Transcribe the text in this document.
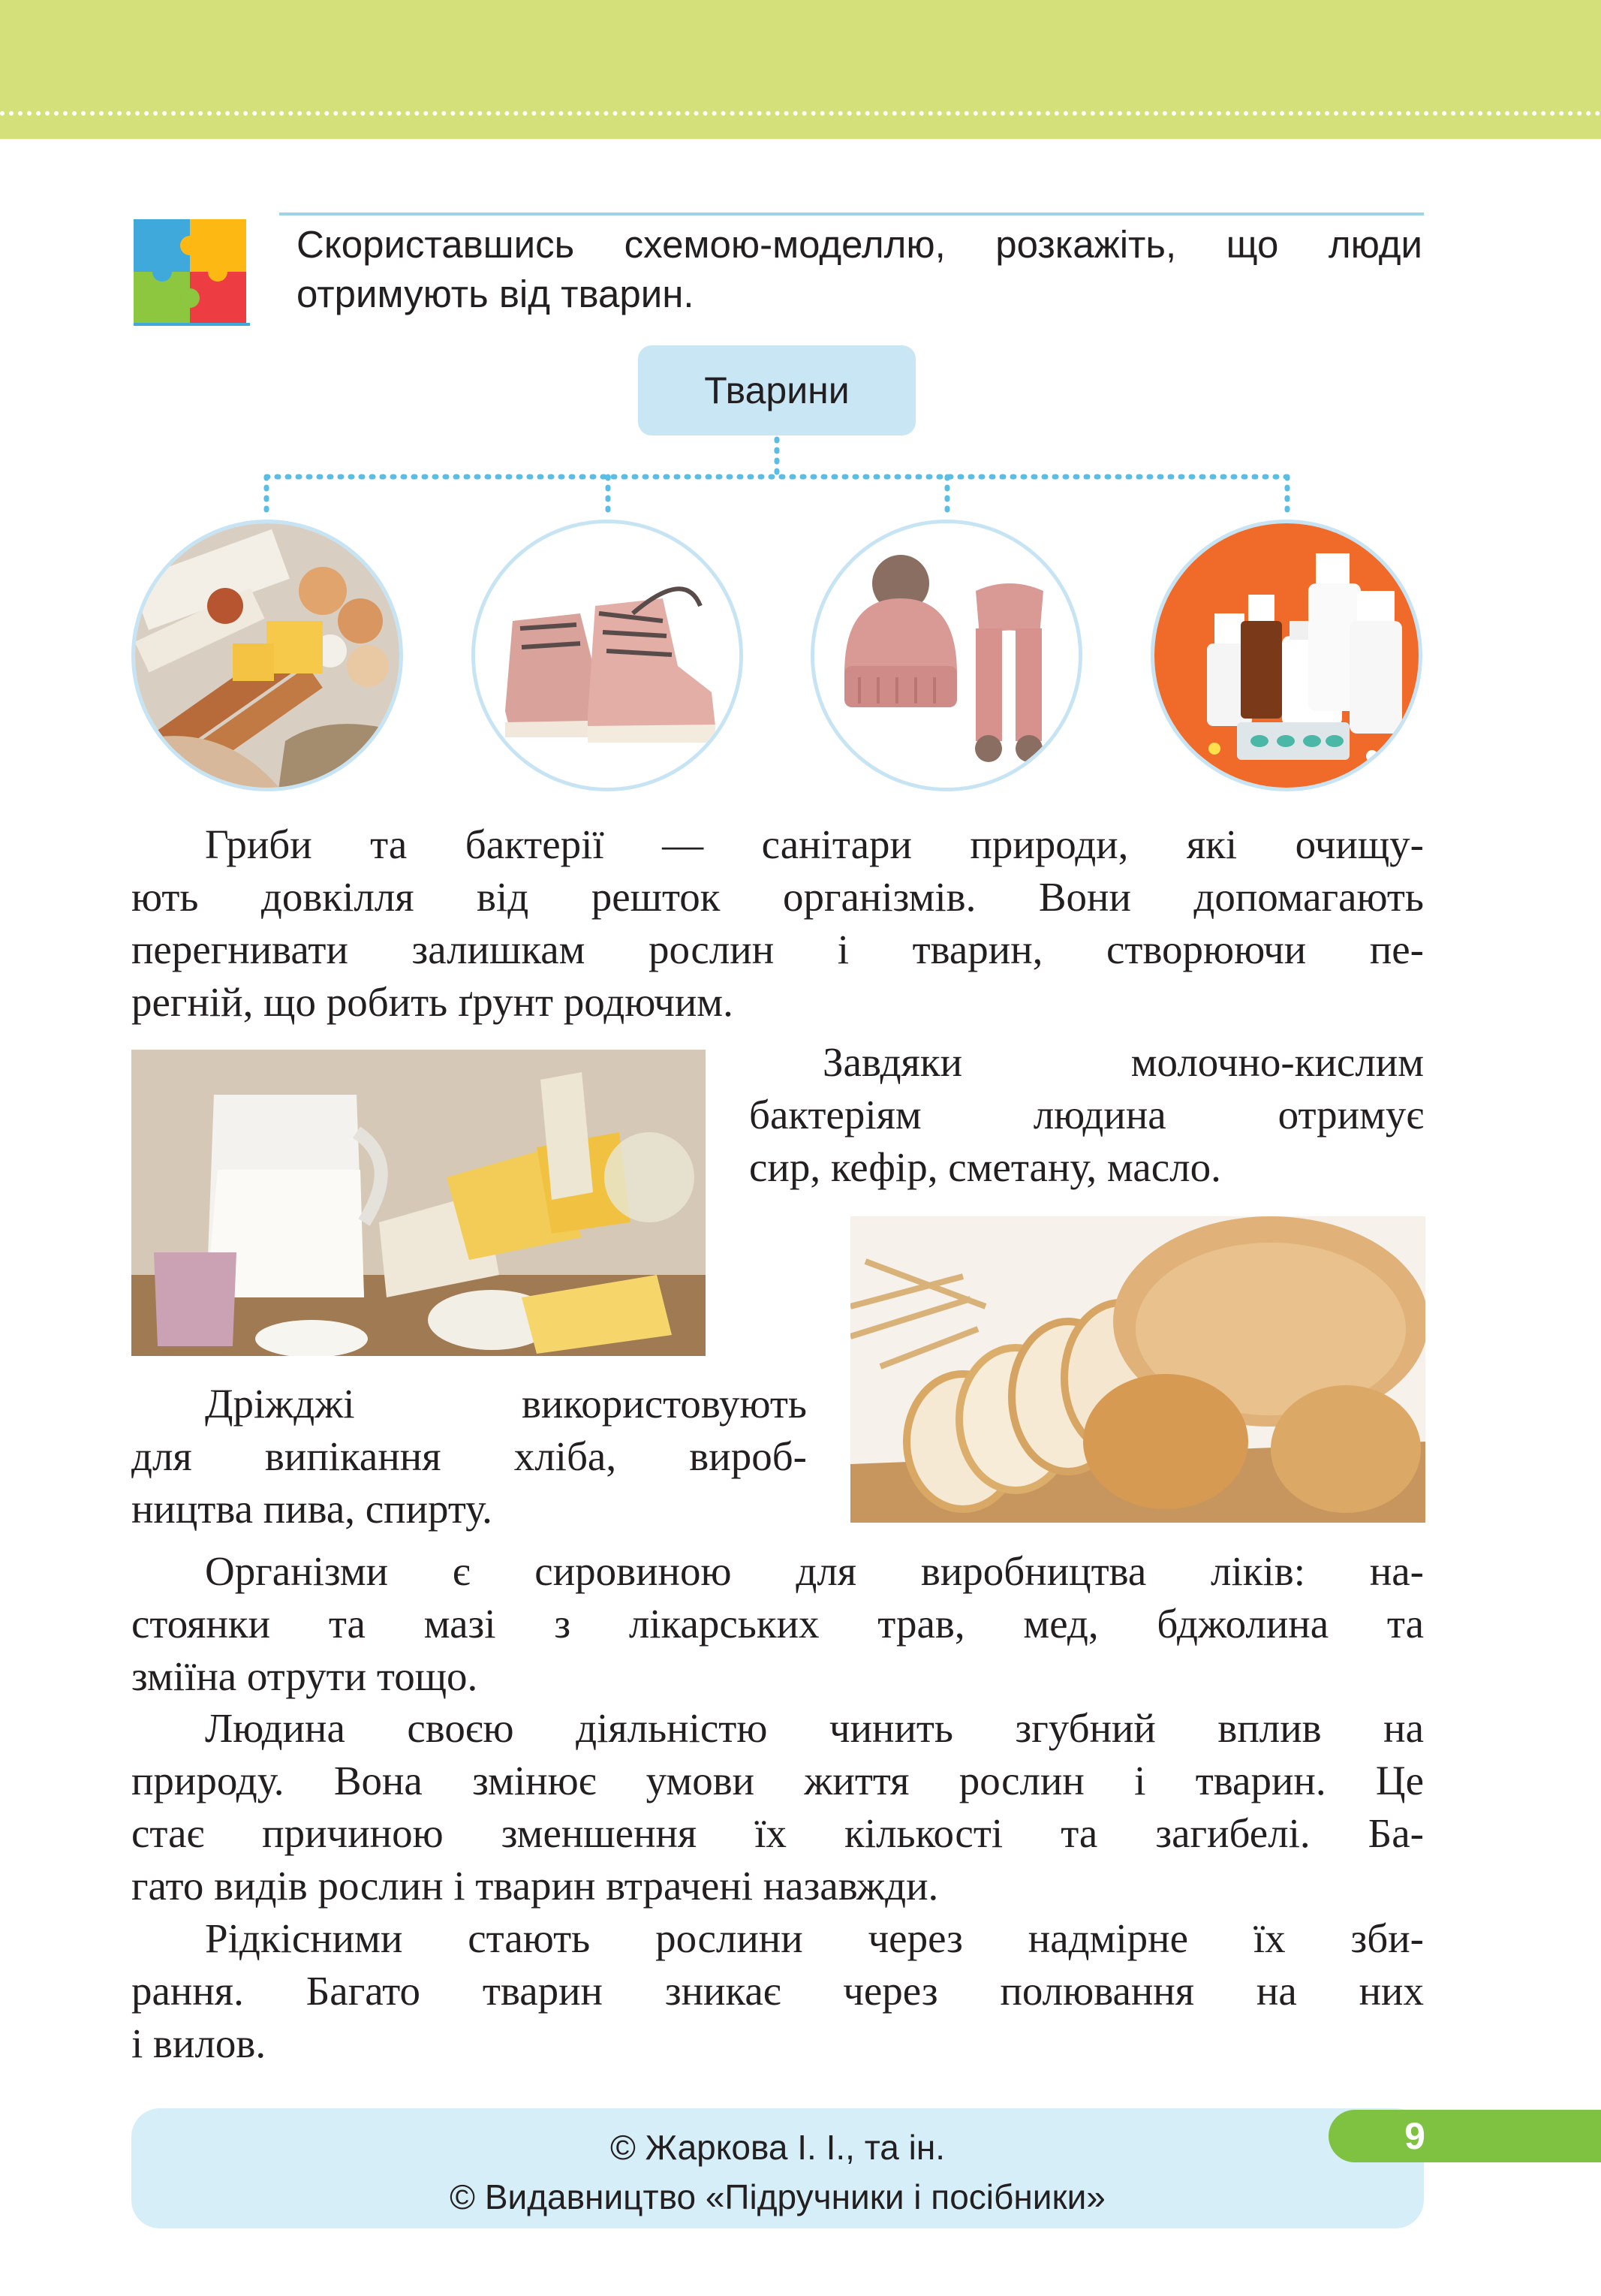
Скориставшись схемою-моделлю, розкажіть, що люди отримують від тварин.
Тварини

Гриби та бактерії — санітари природи, які очищу-

ють довкілля від решток організмів. Вони допомагають

перегнивати залишкам рослин і тварин, створюючи пе-

регній, що робить ґрунт родючим.

Завдяки молочно-кислим

бактеріям людина отримує

сир, кефір, сметану, масло.

Дріжджі використовують

для випікання хліба, вироб-

ництва пива, спирту.

Організми є сировиною для виробництва ліків: на-

стоянки та мазі з лікарських трав, мед, бджолина та

зміїна отрути тощо.

Людина своєю діяльністю чинить згубний вплив на

природу. Вона змінює умови життя рослин і тварин. Це

стає причиною зменшення їх кількості та загибелі. Ба-

гато видів рослин і тварин втрачені назавжди.

Рідкісними стають рослини через надмірне їх зби-

рання. Багато тварин зникає через полювання на них

і вилов.

© Жаркова І. І., та ін.
© Видавництво «Підручники і посібники»
9
